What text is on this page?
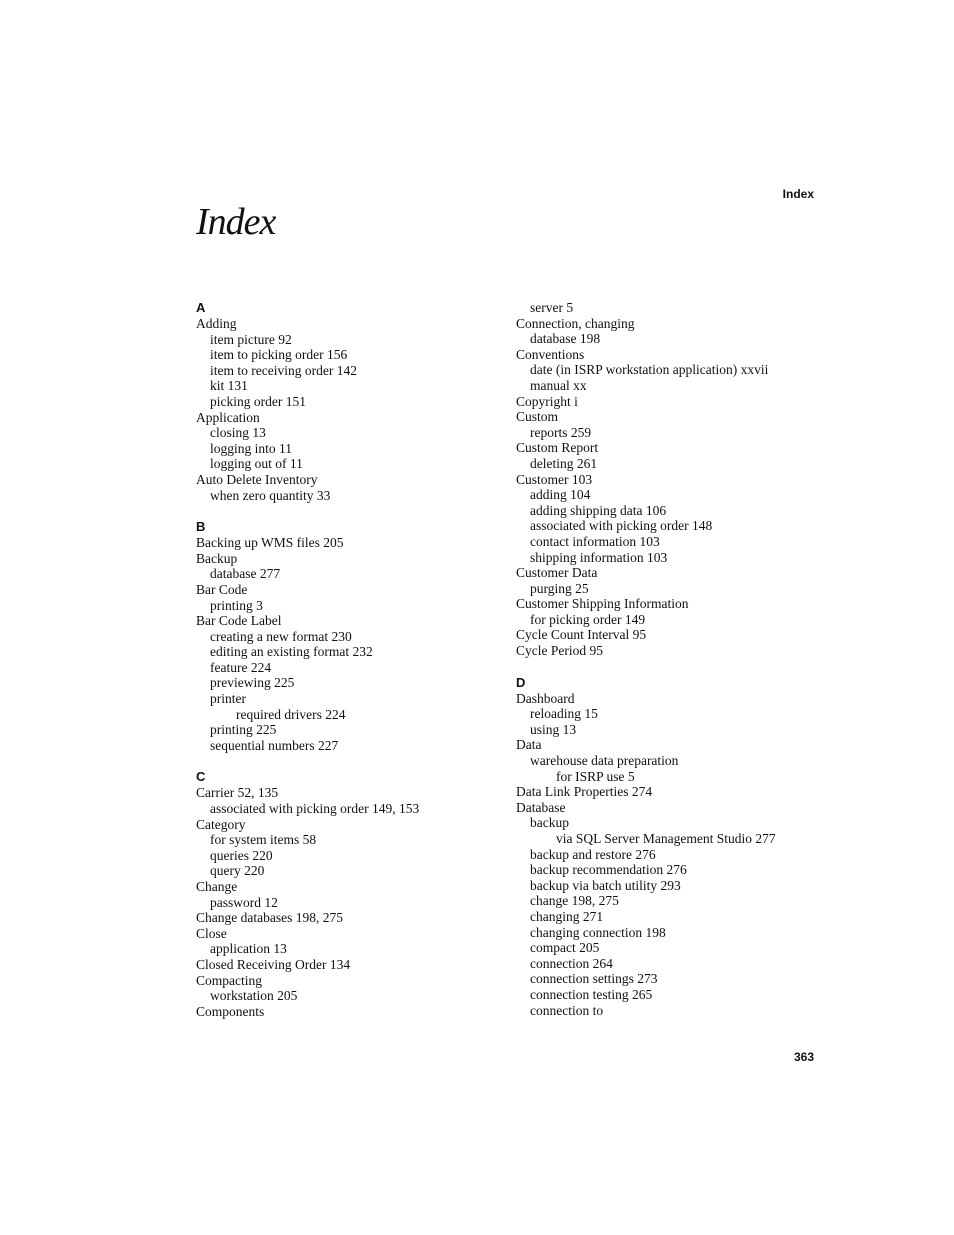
Index
Index
A
Adding
item picture 92
item to picking order 156
item to receiving order 142
kit 131
picking order 151
Application
closing 13
logging into 11
logging out of 11
Auto Delete Inventory
when zero quantity 33
B
Backing up WMS files 205
Backup
database 277
Bar Code
printing 3
Bar Code Label
creating a new format 230
editing an existing format 232
feature 224
previewing 225
printer
required drivers 224
printing 225
sequential numbers 227
C
Carrier 52, 135
associated with picking order 149, 153
Category
for system items 58
queries 220
query 220
Change
password 12
Change databases 198, 275
Close
application 13
Closed Receiving Order 134
Compacting
workstation 205
Components
server 5
Connection, changing
database 198
Conventions
date (in ISRP workstation application) xxvii
manual xx
Copyright i
Custom
reports 259
Custom Report
deleting 261
Customer 103
adding 104
adding shipping data 106
associated with picking order 148
contact information 103
shipping information 103
Customer Data
purging 25
Customer Shipping Information
for picking order 149
Cycle Count Interval 95
Cycle Period 95
D
Dashboard
reloading 15
using 13
Data
warehouse data preparation
for ISRP use 5
Data Link Properties 274
Database
backup
via SQL Server Management Studio 277
backup and restore 276
backup recommendation 276
backup via batch utility 293
change 198, 275
changing 271
changing connection 198
compact 205
connection 264
connection settings 273
connection testing 265
connection to
363
